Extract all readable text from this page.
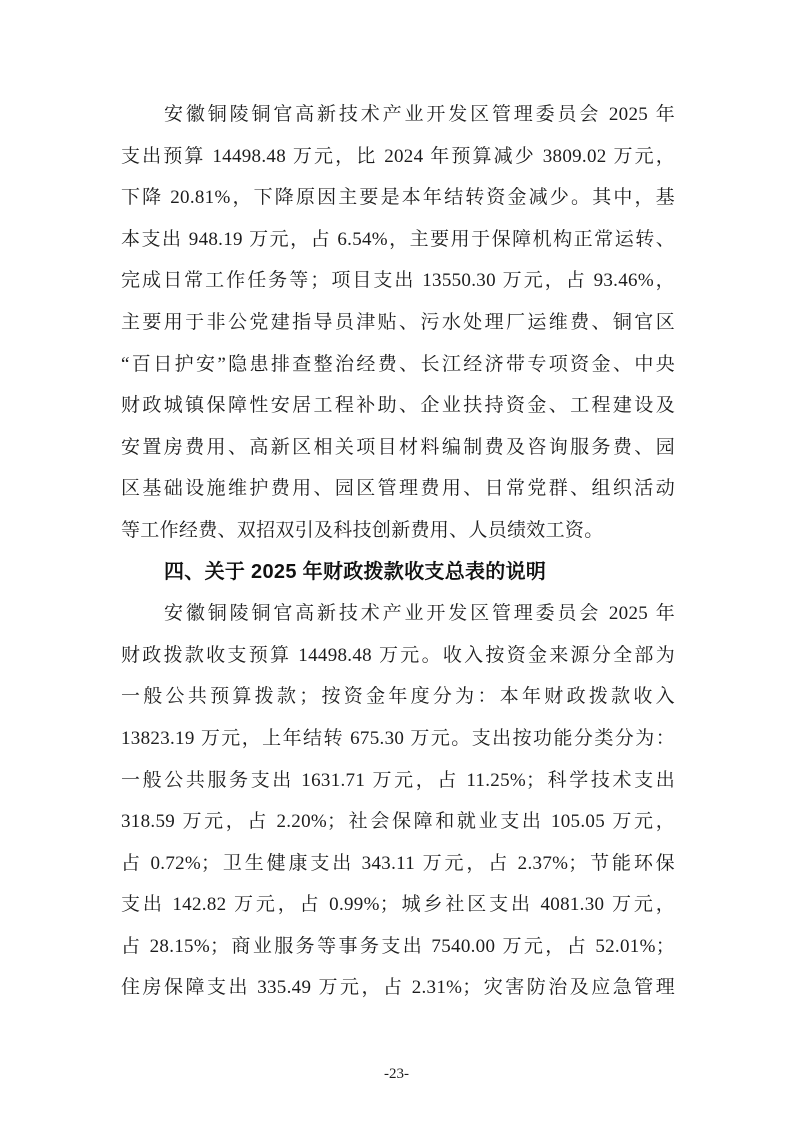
安徽铜陵铜官高新技术产业开发区管理委员会 2025 年
支出预算 14498.48 万元，比 2024 年预算减少 3809.02 万元，
下降 20.81%，下降原因主要是本年结转资金减少。其中，基
本支出 948.19 万元，占 6.54%，主要用于保障机构正常运转、
完成日常工作任务等；项目支出 13550.30 万元，占 93.46%，
主要用于非公党建指导员津贴、污水处理厂运维费、铜官区
“百日护安”隐患排查整治经费、长江经济带专项资金、中央
财政城镇保障性安居工程补助、企业扶持资金、工程建设及
安置房费用、高新区相关项目材料编制费及咨询服务费、园
区基础设施维护费用、园区管理费用、日常党群、组织活动
等工作经费、双招双引及科技创新费用、人员绩效工资。
四、关于 2025 年财政拨款收支总表的说明
安徽铜陵铜官高新技术产业开发区管理委员会 2025 年
财政拨款收支预算 14498.48 万元。收入按资金来源分全部为
一般公共预算拨款；按资金年度分为：本年财政拨款收入
13823.19 万元，上年结转 675.30 万元。支出按功能分类分为：
一般公共服务支出 1631.71 万元，占 11.25%；科学技术支出
318.59 万元，占 2.20%；社会保障和就业支出 105.05 万元，
占 0.72%；卫生健康支出 343.11 万元，占 2.37%；节能环保
支出 142.82 万元，占 0.99%；城乡社区支出 4081.30 万元，
占 28.15%；商业服务等事务支出 7540.00 万元，占 52.01%；
住房保障支出 335.49 万元，占 2.31%；灾害防治及应急管理
-23-
